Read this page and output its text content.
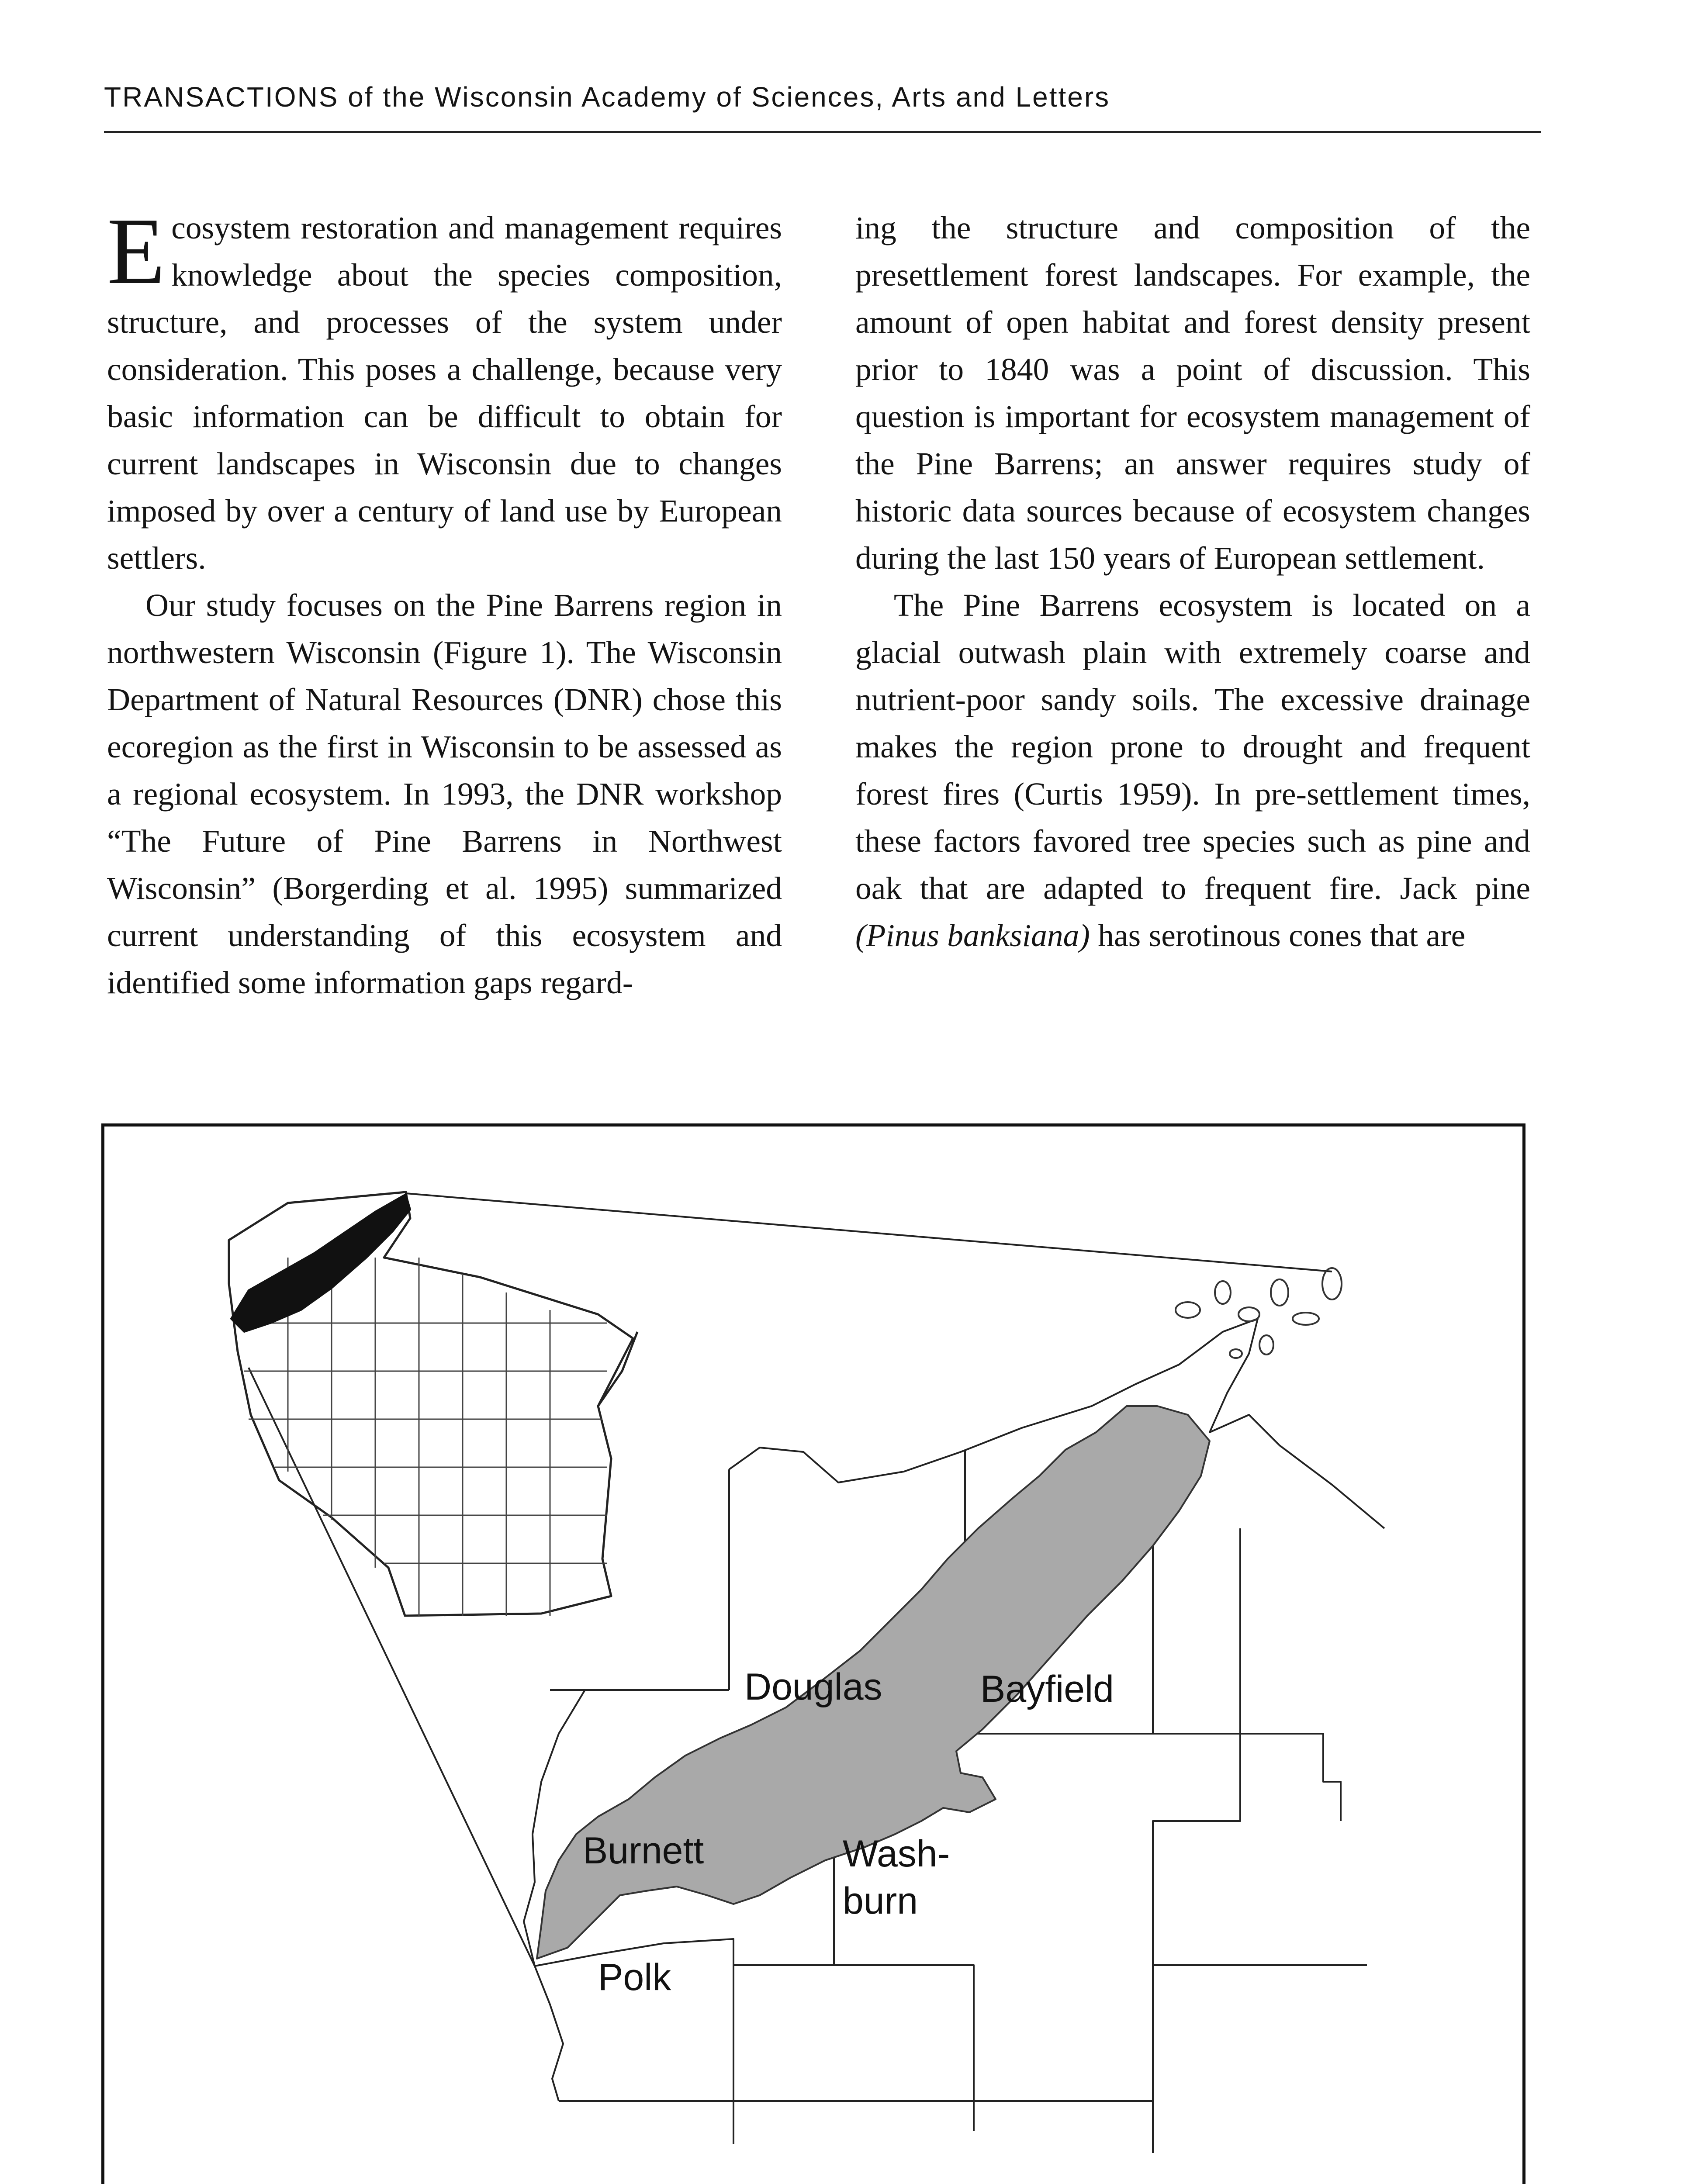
TRANSACTIONS of the Wisconsin Academy of Sciences, Arts and Letters

Ecosystem restoration and management requires knowledge about the species composition, structure, and processes of the system under consideration. This poses a challenge, because very basic information can be difficult to obtain for current landscapes in Wisconsin due to changes imposed by over a century of land use by European settlers.

Our study focuses on the Pine Barrens region in northwestern Wisconsin (Figure 1). The Wisconsin Department of Natural Resources (DNR) chose this ecoregion as the first in Wisconsin to be assessed as a regional ecosystem. In 1993, the DNR workshop “The Future of Pine Barrens in Northwest Wisconsin” (Borgerding et al. 1995) summarized current understanding of this ecosystem and identified some information gaps regard-

ing the structure and composition of the presettlement forest landscapes. For example, the amount of open habitat and forest density present prior to 1840 was a point of discussion. This question is important for ecosystem management of the Pine Barrens; an answer requires study of historic data sources because of ecosystem changes during the last 150 years of European settlement.

The Pine Barrens ecosystem is located on a glacial outwash plain with extremely coarse and nutrient-poor sandy soils. The excessive drainage makes the region prone to drought and frequent forest fires (Curtis 1959). In pre-settlement times, these factors favored tree species such as pine and oak that are adapted to frequent fire. Jack pine (Pinus banksiana) has serotinous cones that are

Douglas	Bayfield
Burnett	Wash-
burn
Polk
